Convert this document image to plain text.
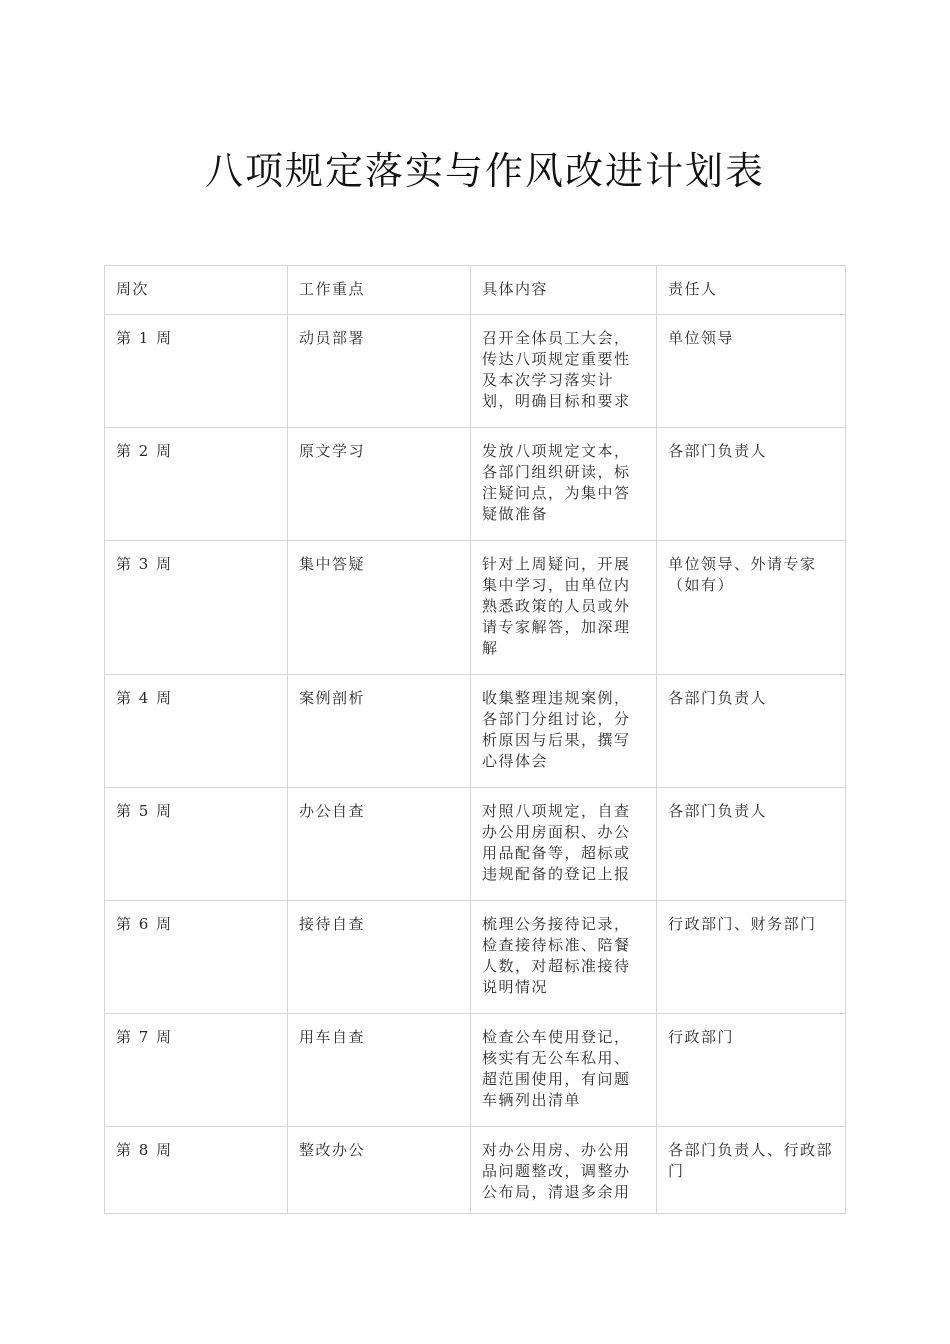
八项规定落实与作风改进计划表
周次	工作重点	具体内容	责任人
第 1 周	动员部署	召开全体员工大会，传达八项规定重要性及本次学习落实计划，明确目标和要求	单位领导
第 2 周	原文学习	发放八项规定文本，各部门组织研读，标注疑问点，为集中答疑做准备	各部门负责人
第 3 周	集中答疑	针对上周疑问，开展集中学习，由单位内熟悉政策的人员或外请专家解答，加深理解	单位领导、外请专家（如有）
第 4 周	案例剖析	收集整理违规案例，各部门分组讨论，分析原因与后果，撰写心得体会	各部门负责人
第 5 周	办公自查	对照八项规定，自查办公用房面积、办公用品配备等，超标或违规配备的登记上报	各部门负责人
第 6 周	接待自查	梳理公务接待记录，检查接待标准、陪餐人数，对超标准接待说明情况	行政部门、财务部门
第 7 周	用车自查	检查公车使用登记，核实有无公车私用、超范围使用，有问题车辆列出清单	行政部门
第 8 周	整改办公	对办公用房、办公用品问题整改，调整办公布局，清退多余用	各部门负责人、行政部门
